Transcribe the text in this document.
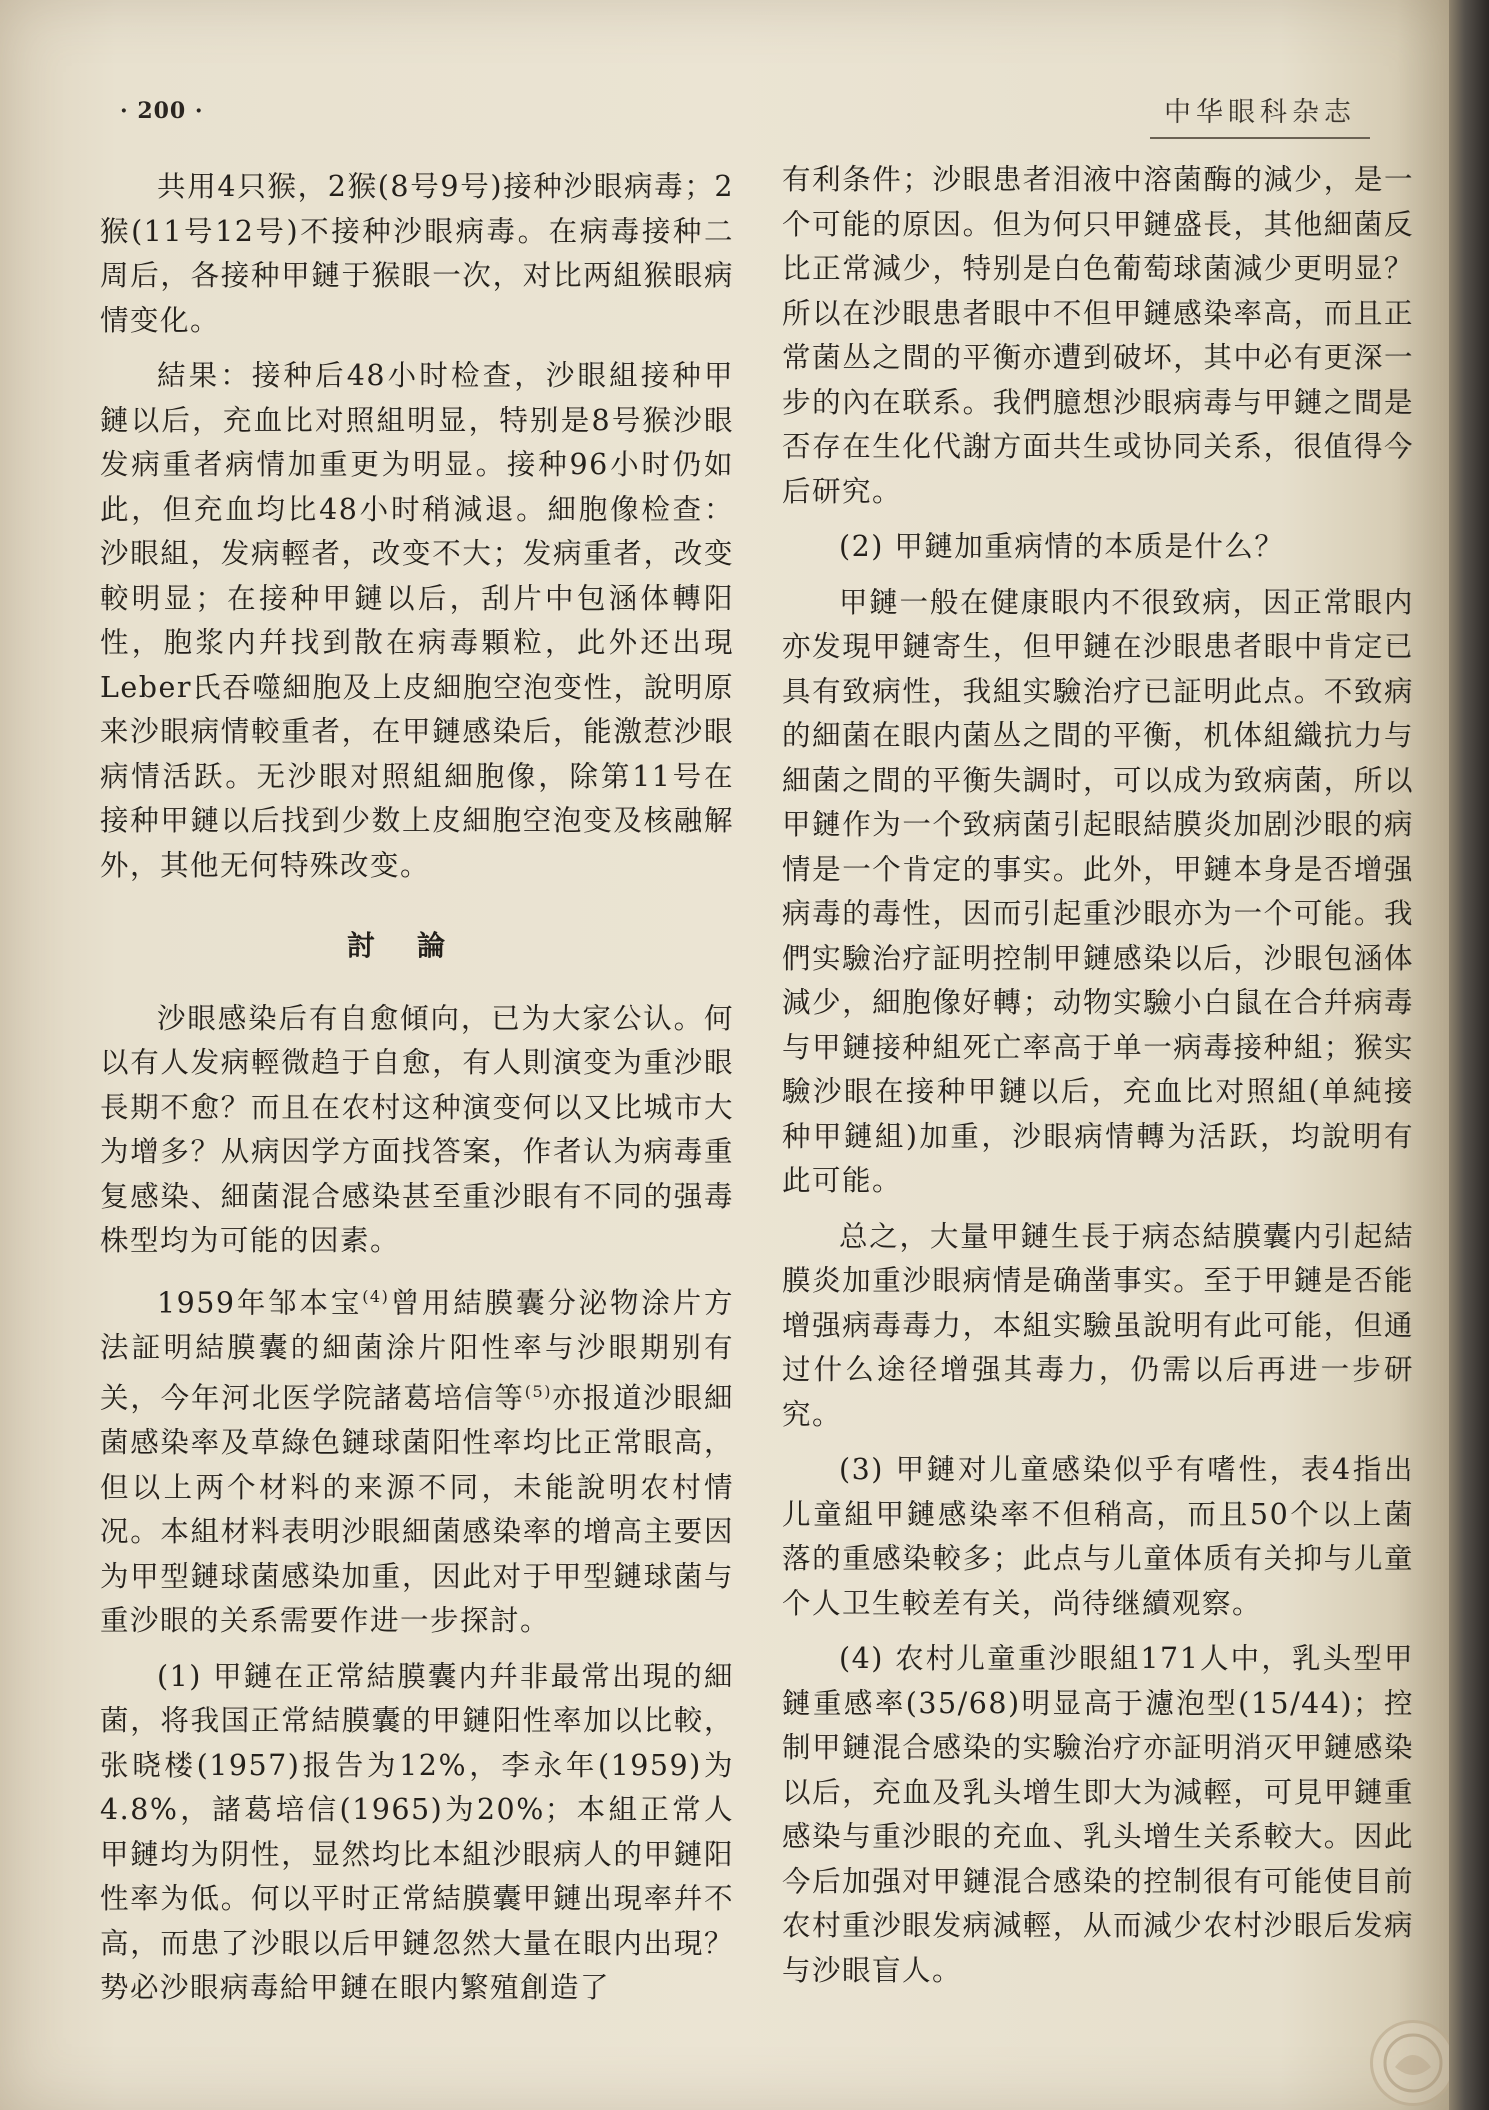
· 200 ·	中华眼科杂志

共用4只猴，2猴(8号9号)接种沙眼病毒；2猴(11号12号)不接种沙眼病毒。在病毒接种二周后，各接种甲鏈于猴眼一次，对比两組猴眼病情变化。

結果：接种后48小时检查，沙眼組接种甲鏈以后，充血比对照組明显，特别是8号猴沙眼发病重者病情加重更为明显。接种96小时仍如此，但充血均比48小时稍減退。細胞像检查：沙眼組，发病輕者，改变不大；发病重者，改变較明显；在接种甲鏈以后，刮片中包涵体轉阳性，胞浆内幷找到散在病毒顆粒，此外还出現Leber氏吞噬細胞及上皮細胞空泡变性，說明原来沙眼病情較重者，在甲鏈感染后，能激惹沙眼病情活跃。无沙眼对照組細胞像，除第11号在接种甲鏈以后找到少数上皮細胞空泡变及核融解外，其他无何特殊改变。

討論

沙眼感染后有自愈傾向，已为大家公认。何以有人发病輕微趋于自愈，有人則演变为重沙眼長期不愈？而且在农村这种演变何以又比城市大为增多？从病因学方面找答案，作者认为病毒重复感染、細菌混合感染甚至重沙眼有不同的强毒株型均为可能的因素。

1959年邹本宝$^{(4)}$曾用結膜囊分泌物涂片方法証明結膜囊的細菌涂片阳性率与沙眼期别有关，今年河北医学院諸葛培信等$^{(5)}$亦报道沙眼細菌感染率及草綠色鏈球菌阳性率均比正常眼高，但以上两个材料的来源不同，未能說明农村情况。本組材料表明沙眼細菌感染率的增高主要因为甲型鏈球菌感染加重，因此对于甲型鏈球菌与重沙眼的关系需要作进一步探討。

(1) 甲鏈在正常結膜囊内幷非最常出現的細菌，将我国正常結膜囊的甲鏈阳性率加以比較，张晓楼(1957)报告为12%，李永年(1959)为4.8%，諸葛培信(1965)为20%；本組正常人甲鏈均为阴性，显然均比本組沙眼病人的甲鏈阳性率为低。何以平时正常結膜囊甲鏈出現率幷不高，而患了沙眼以后甲鏈忽然大量在眼内出現？势必沙眼病毒給甲鏈在眼内繁殖創造了

有利条件；沙眼患者泪液中溶菌酶的減少，是一个可能的原因。但为何只甲鏈盛長，其他細菌反比正常減少，特别是白色葡萄球菌減少更明显？所以在沙眼患者眼中不但甲鏈感染率高，而且正常菌丛之間的平衡亦遭到破坏，其中必有更深一步的內在联系。我們臆想沙眼病毒与甲鏈之間是否存在生化代謝方面共生或协同关系，很值得今后研究。

(2) 甲鏈加重病情的本质是什么？

甲鏈一般在健康眼内不很致病，因正常眼内亦发現甲鏈寄生，但甲鏈在沙眼患者眼中肯定已具有致病性，我組实驗治疗已証明此点。不致病的細菌在眼内菌丛之間的平衡，机体組織抗力与細菌之間的平衡失調时，可以成为致病菌，所以甲鏈作为一个致病菌引起眼結膜炎加剧沙眼的病情是一个肯定的事实。此外，甲鏈本身是否增强病毒的毒性，因而引起重沙眼亦为一个可能。我們实驗治疗証明控制甲鏈感染以后，沙眼包涵体減少，細胞像好轉；动物实驗小白鼠在合幷病毒与甲鏈接种組死亡率高于单一病毒接种組；猴实驗沙眼在接种甲鏈以后，充血比对照組(单純接种甲鏈組)加重，沙眼病情轉为活跃，均說明有此可能。

总之，大量甲鏈生長于病态結膜囊内引起結膜炎加重沙眼病情是确凿事实。至于甲鏈是否能增强病毒毒力，本組实驗虽說明有此可能，但通过什么途径增强其毒力，仍需以后再进一步研究。

(3) 甲鏈对儿童感染似乎有嗜性，表4指出儿童組甲鏈感染率不但稍高，而且50个以上菌落的重感染較多；此点与儿童体质有关抑与儿童个人卫生較差有关，尚待继續观察。

(4) 农村儿童重沙眼組171人中，乳头型甲鏈重感率(35/68)明显高于濾泡型(15/44)；控制甲鏈混合感染的实驗治疗亦証明消灭甲鏈感染以后，充血及乳头增生即大为減輕，可見甲鏈重感染与重沙眼的充血、乳头增生关系較大。因此今后加强对甲鏈混合感染的控制很有可能使目前农村重沙眼发病減輕，从而減少农村沙眼后发病与沙眼盲人。
